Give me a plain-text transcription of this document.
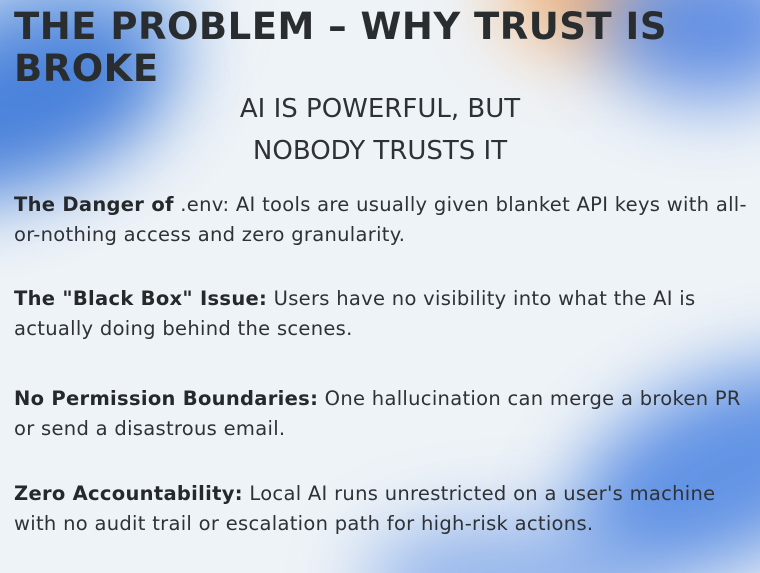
THE PROBLEM – WHY TRUST IS BROKE
AI IS POWERFUL, BUT
NOBODY TRUSTS IT

The Danger of .env: AI tools are usually given blanket API keys with all-or-nothing access and zero granularity.

The "Black Box" Issue: Users have no visibility into what the AI is actually doing behind the scenes.

No Permission Boundaries: One hallucination can merge a broken PR or send a disastrous email.

Zero Accountability: Local AI runs unrestricted on a user's machine with no audit trail or escalation path for high-risk actions.
